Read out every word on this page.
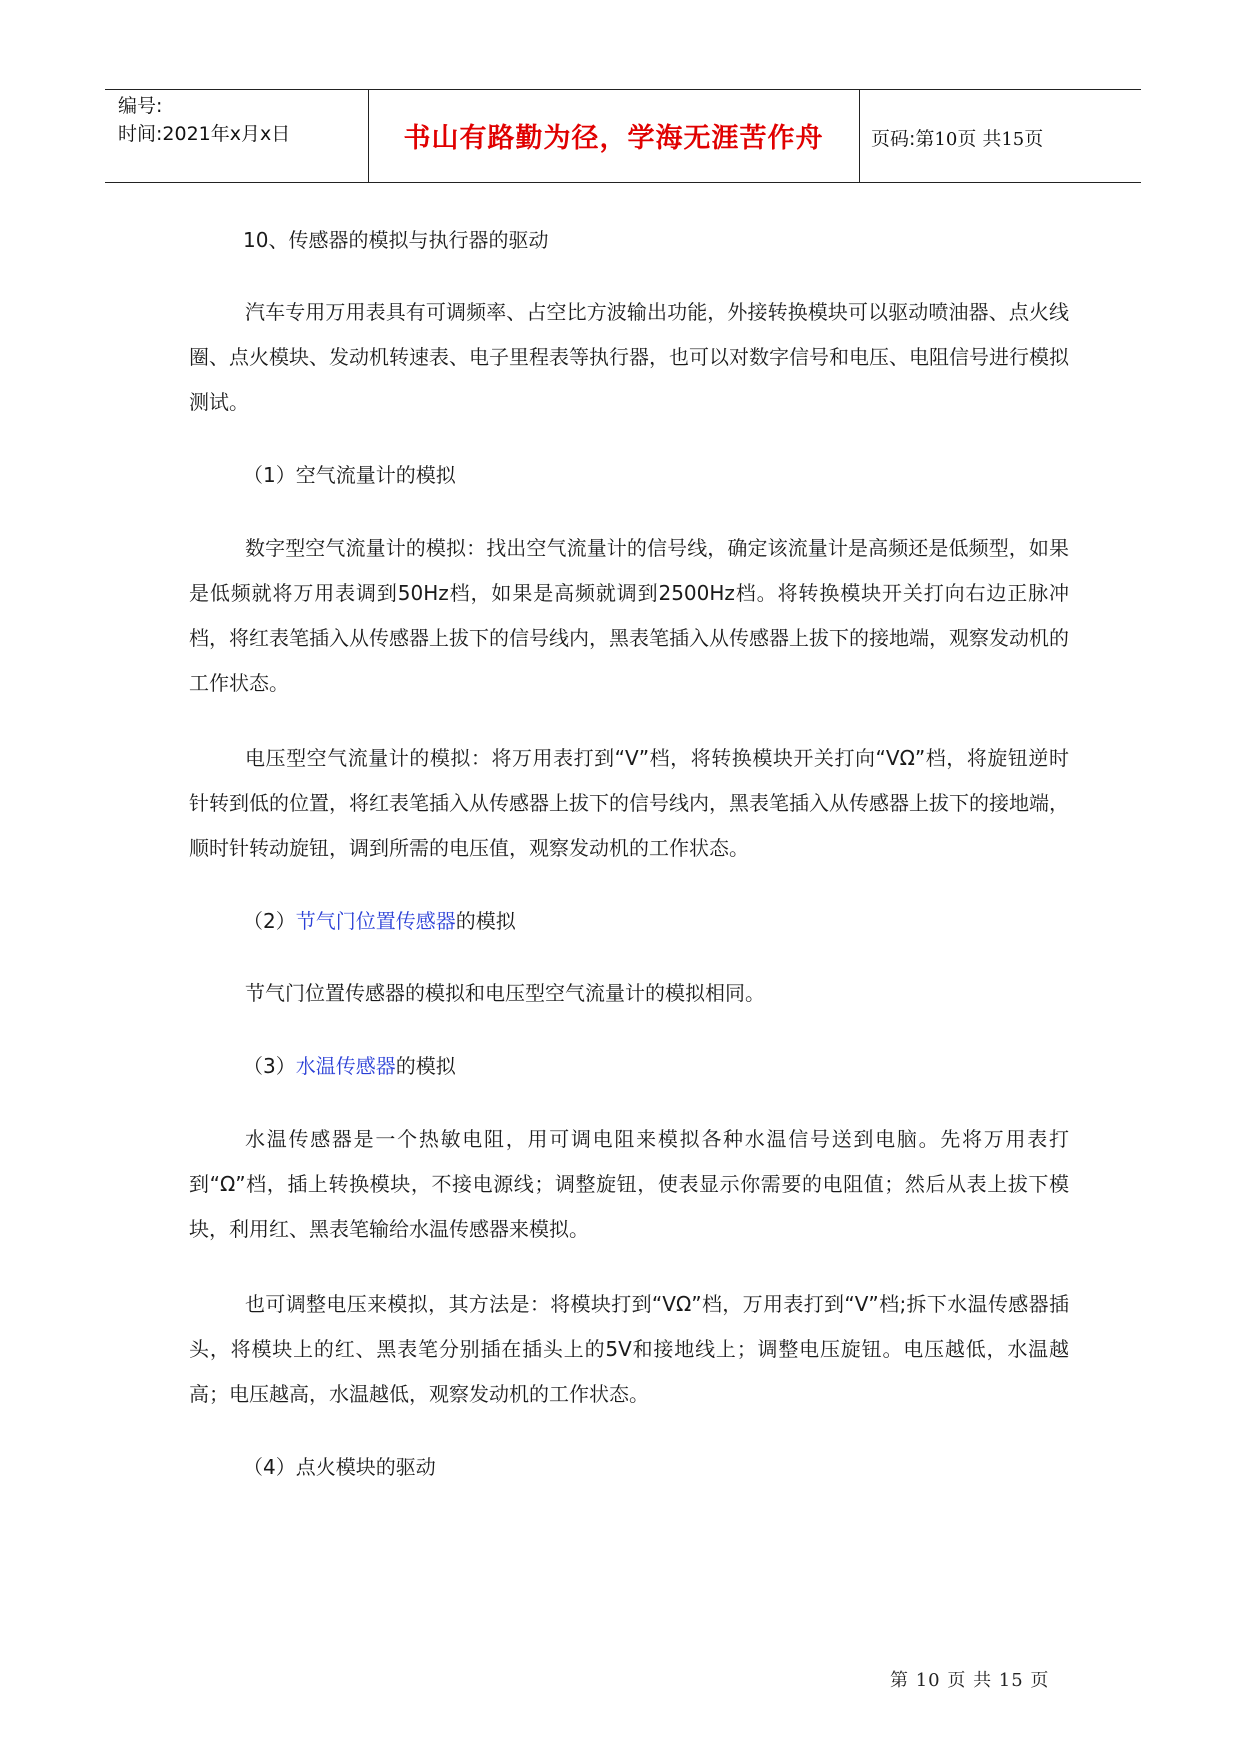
编号:
时间:2021年x月x日	书山有路勤为径，学海无涯苦作舟	页码:第10页 共15页

10、传感器的模拟与执行器的驱动

汽车专用万用表具有可调频率、占空比方波输出功能，外接转换模块可以驱动喷油器、点火线圈、点火模块、发动机转速表、电子里程表等执行器，也可以对数字信号和电压、电阻信号进行模拟测试。

（1）空气流量计的模拟

数字型空气流量计的模拟：找出空气流量计的信号线，确定该流量计是高频还是低频型，如果是低频就将万用表调到50Hz档，如果是高频就调到2500Hz档。将转换模块开关打向右边正脉冲档，将红表笔插入从传感器上拔下的信号线内，黑表笔插入从传感器上拔下的接地端，观察发动机的工作状态。

电压型空气流量计的模拟：将万用表打到“V”档，将转换模块开关打向“VΩ”档，将旋钮逆时针转到低的位置，将红表笔插入从传感器上拔下的信号线内，黑表笔插入从传感器上拔下的接地端，顺时针转动旋钮，调到所需的电压值，观察发动机的工作状态。

（2）节气门位置传感器的模拟

节气门位置传感器的模拟和电压型空气流量计的模拟相同。

（3）水温传感器的模拟

水温传感器是一个热敏电阻，用可调电阻来模拟各种水温信号送到电脑。先将万用表打到“Ω”档，插上转换模块，不接电源线；调整旋钮，使表显示你需要的电阻值；然后从表上拔下模块，利用红、黑表笔输给水温传感器来模拟。

也可调整电压来模拟，其方法是：将模块打到“VΩ”档，万用表打到“V”档;拆下水温传感器插头，将模块上的红、黑表笔分别插在插头上的5V和接地线上；调整电压旋钮。电压越低，水温越高；电压越高，水温越低，观察发动机的工作状态。

（4）点火模块的驱动

第 10 页 共 15 页
